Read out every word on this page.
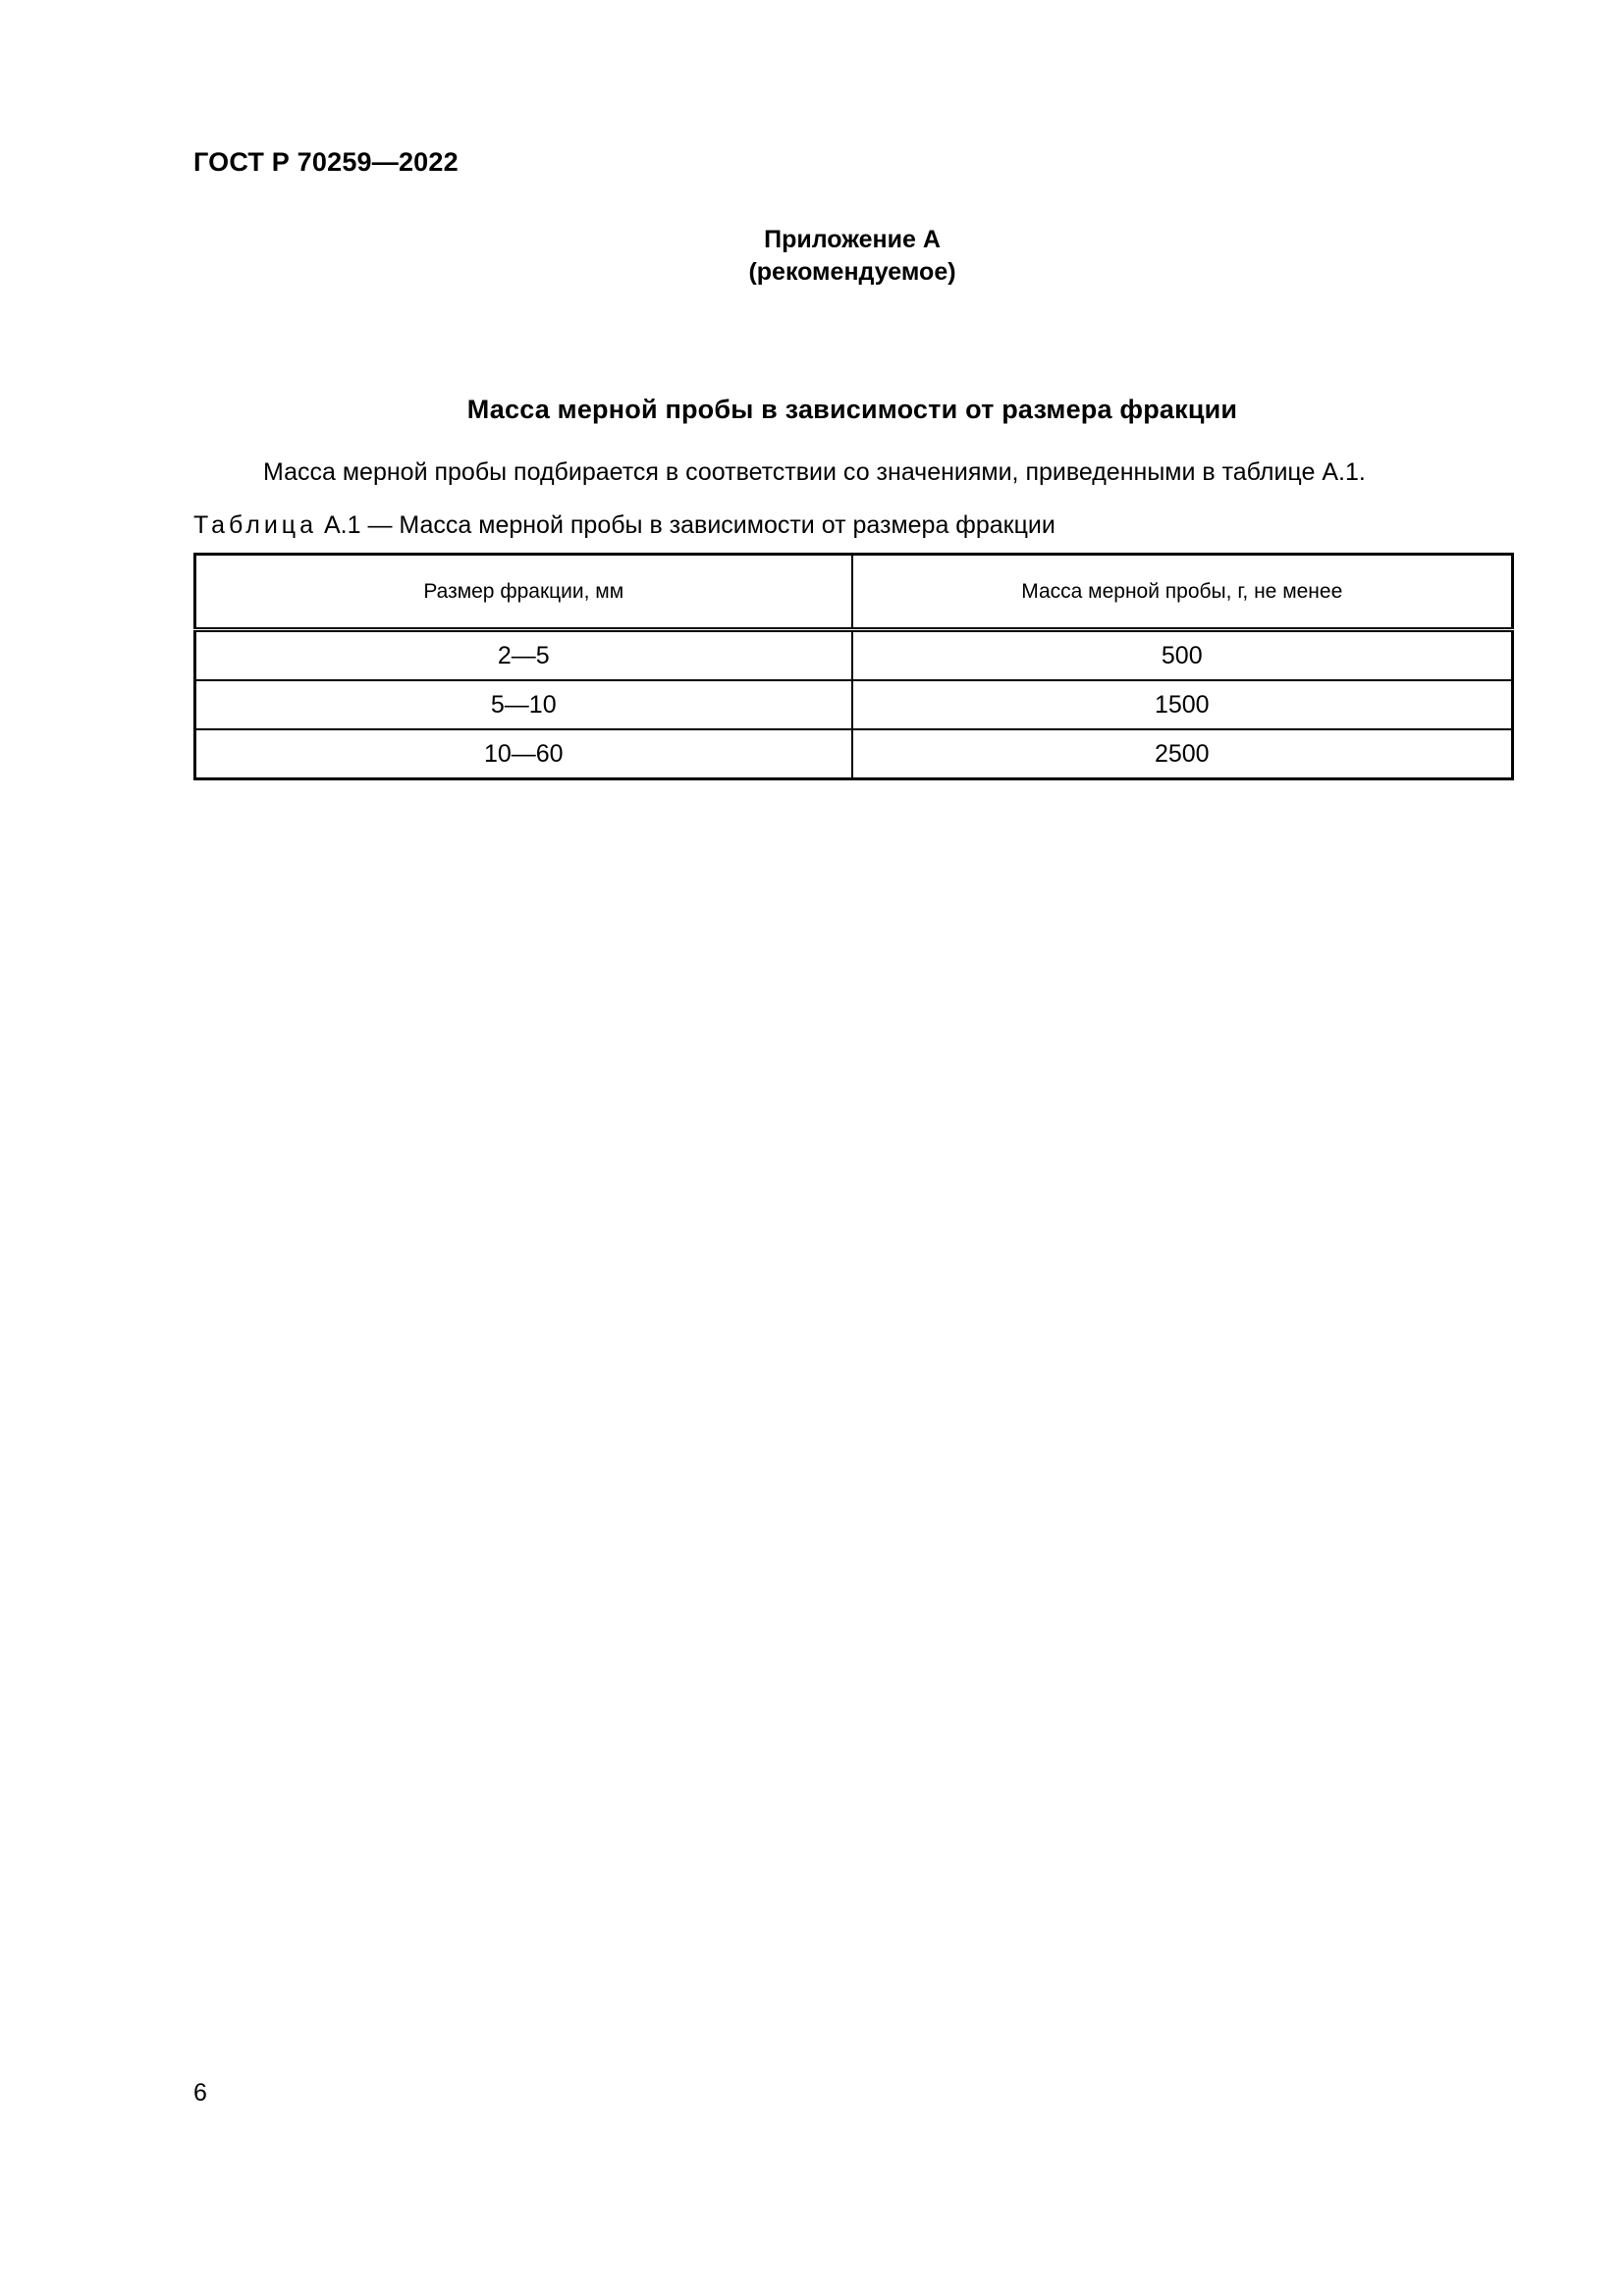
ГОСТ Р 70259—2022
Приложение А
(рекомендуемое)
Масса мерной пробы в зависимости от размера фракции
Масса мерной пробы подбирается в соответствии со значениями, приведенными в таблице А.1.
Таблица А.1 — Масса мерной пробы в зависимости от размера фракции
Размер фракции, мм	Масса мерной пробы, г, не менее
2—5	500
5—10	1500
10—60	2500
6
